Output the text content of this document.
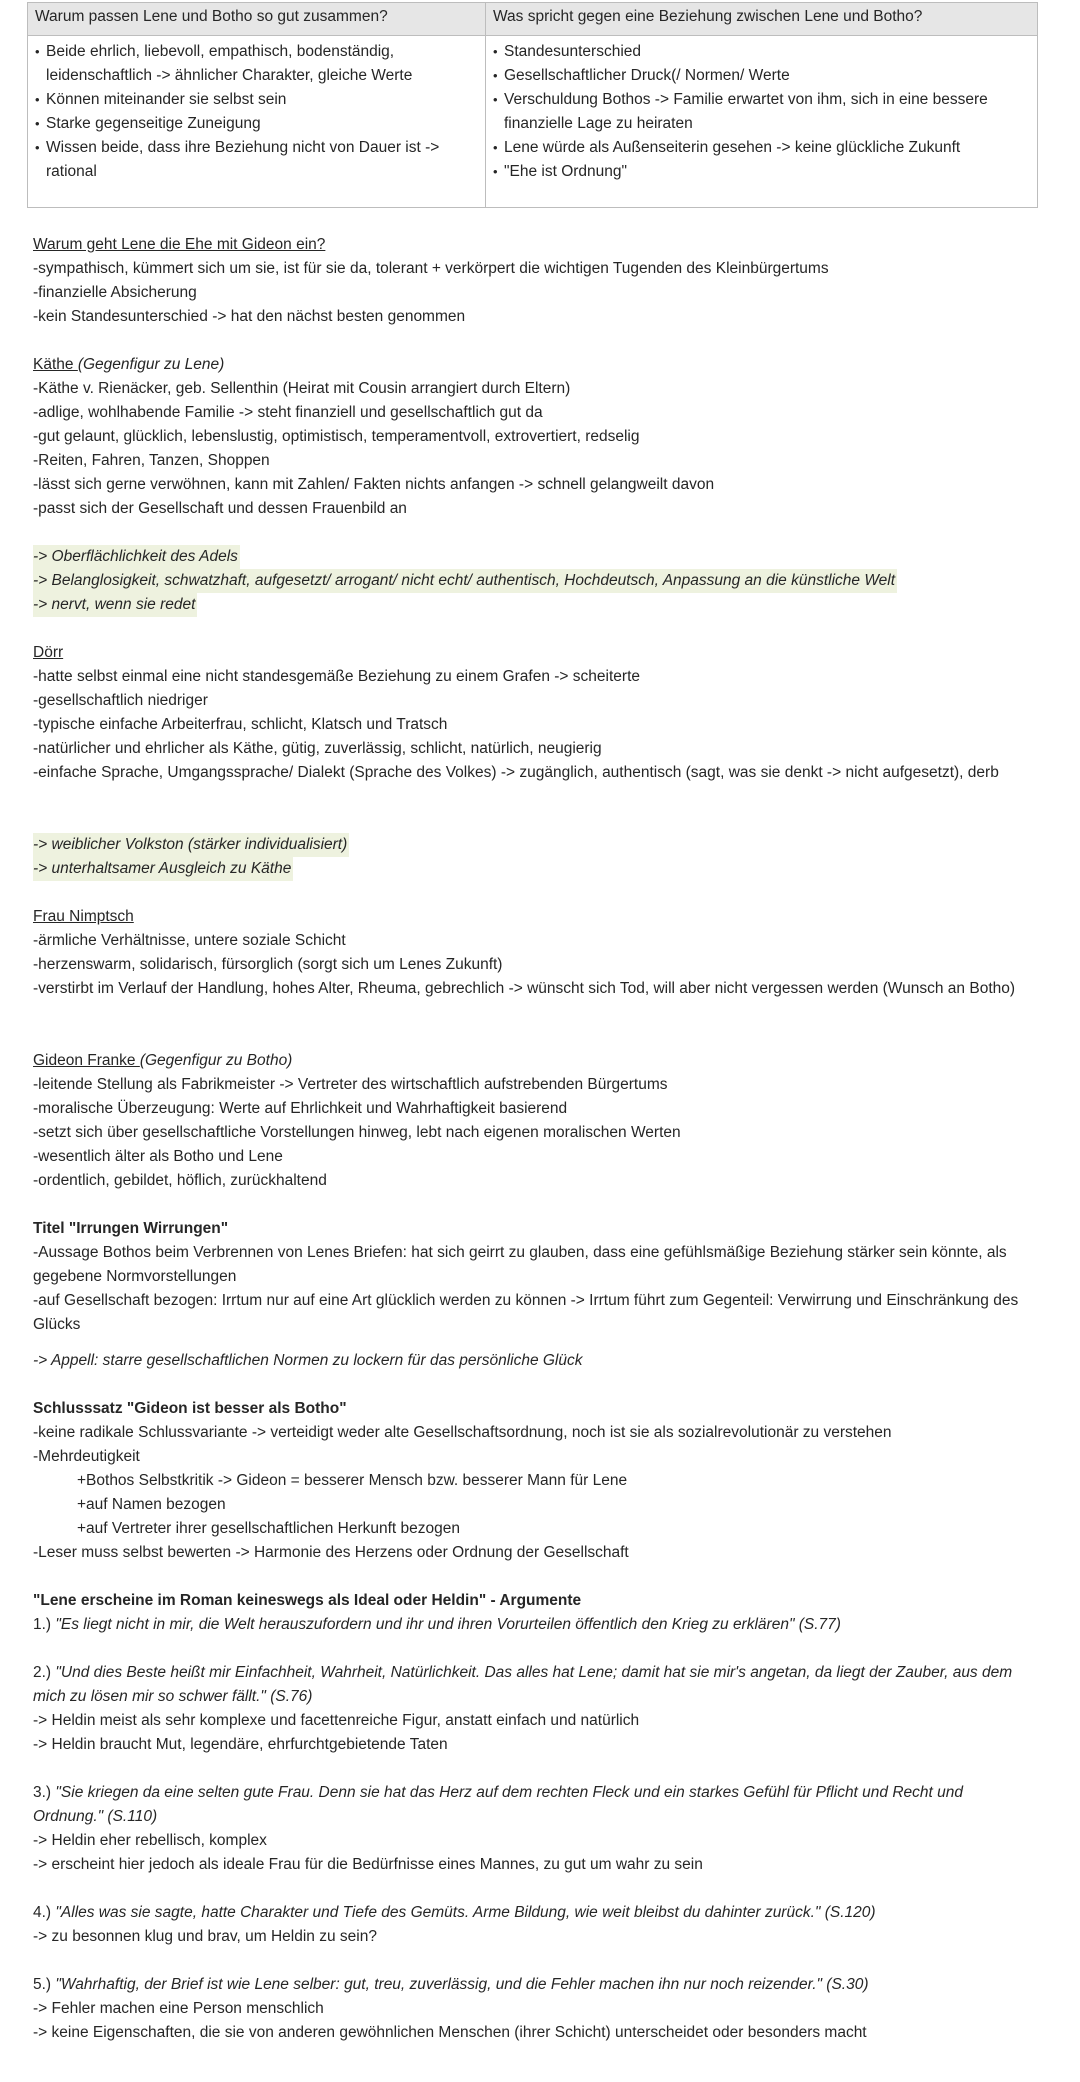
Warum passen Lene und Botho so gut zusammen?	Was spricht gegen eine Beziehung zwischen Lene und Botho?

• Beide ehrlich, liebevoll, empathisch, bodenständig, leidenschaftlich -> ähnlicher Charakter, gleiche Werte
• Können miteinander sie selbst sein
• Starke gegenseitige Zuneigung
• Wissen beide, dass ihre Beziehung nicht von Dauer ist -> rational

• Standesunterschied
• Gesellschaftlicher Druck(/ Normen/ Werte
• Verschuldung Bothos -> Familie erwartet von ihm, sich in eine bessere finanzielle Lage zu heiraten
• Lene würde als Außenseiterin gesehen -> keine glückliche Zukunft
• "Ehe ist Ordnung"
Warum geht Lene die Ehe mit Gideon ein?
-sympathisch, kümmert sich um sie, ist für sie da, tolerant + verkörpert die wichtigen Tugenden des Kleinbürgertums
-finanzielle Absicherung
-kein Standesunterschied -> hat den nächst besten genommen
Käthe (Gegenfigur zu Lene)
-Käthe v. Rienäcker, geb. Sellenthin (Heirat mit Cousin arrangiert durch Eltern)
-adlige, wohlhabende Familie -> steht finanziell und gesellschaftlich gut da
-gut gelaunt, glücklich, lebenslustig, optimistisch, temperamentvoll, extrovertiert, redselig
-Reiten, Fahren, Tanzen, Shoppen
-lässt sich gerne verwöhnen, kann mit Zahlen/ Fakten nichts anfangen -> schnell gelangweilt davon
-passt sich der Gesellschaft und dessen Frauenbild an
-> Oberflächlichkeit des Adels
-> Belanglosigkeit, schwatzhaft, aufgesetzt/ arrogant/ nicht echt/ authentisch, Hochdeutsch, Anpassung an die künstliche Welt
-> nervt, wenn sie redet
Dörr
-hatte selbst einmal eine nicht standesgemäße Beziehung zu einem Grafen -> scheiterte
-gesellschaftlich niedriger
-typische einfache Arbeiterfrau, schlicht, Klatsch und Tratsch
-natürlicher und ehrlicher als Käthe, gütig, zuverlässig, schlicht, natürlich, neugierig
-einfache Sprache, Umgangssprache/ Dialekt (Sprache des Volkes) -> zugänglich, authentisch (sagt, was sie denkt -> nicht aufgesetzt), derb
-> weiblicher Volkston (stärker individualisiert)
-> unterhaltsamer Ausgleich zu Käthe
Frau Nimptsch
-ärmliche Verhältnisse, untere soziale Schicht
-herzenswarm, solidarisch, fürsorglich (sorgt sich um Lenes Zukunft)
-verstirbt im Verlauf der Handlung, hohes Alter, Rheuma, gebrechlich -> wünscht sich Tod, will aber nicht vergessen werden (Wunsch an Botho)
Gideon Franke (Gegenfigur zu Botho)
-leitende Stellung als Fabrikmeister -> Vertreter des wirtschaftlich aufstrebenden Bürgertums
-moralische Überzeugung: Werte auf Ehrlichkeit und Wahrhaftigkeit basierend
-setzt sich über gesellschaftliche Vorstellungen hinweg, lebt nach eigenen moralischen Werten
-wesentlich älter als Botho und Lene
-ordentlich, gebildet, höflich, zurückhaltend
Titel "Irrungen Wirrungen"
-Aussage Bothos beim Verbrennen von Lenes Briefen: hat sich geirrt zu glauben, dass eine gefühlsmäßige Beziehung stärker sein könnte, als gegebene Normvorstellungen
-auf Gesellschaft bezogen: Irrtum nur auf eine Art glücklich werden zu können -> Irrtum führt zum Gegenteil: Verwirrung und Einschränkung des Glücks
-> Appell: starre gesellschaftlichen Normen zu lockern für das persönliche Glück
Schlusssatz "Gideon ist besser als Botho"
-keine radikale Schlussvariante -> verteidigt weder alte Gesellschaftsordnung, noch ist sie als sozialrevolutionär zu verstehen
-Mehrdeutigkeit
+Bothos Selbstkritik -> Gideon = besserer Mensch bzw. besserer Mann für Lene
+auf Namen bezogen
+auf Vertreter ihrer gesellschaftlichen Herkunft bezogen
-Leser muss selbst bewerten -> Harmonie des Herzens oder Ordnung der Gesellschaft
"Lene erscheine im Roman keineswegs als Ideal oder Heldin" - Argumente
1.) "Es liegt nicht in mir, die Welt herauszufordern und ihr und ihren Vorurteilen öffentlich den Krieg zu erklären" (S.77)
2.) "Und dies Beste heißt mir Einfachheit, Wahrheit, Natürlichkeit. Das alles hat Lene; damit hat sie mir's angetan, da liegt der Zauber, aus dem mich zu lösen mir so schwer fällt." (S.76)
-> Heldin meist als sehr komplexe und facettenreiche Figur, anstatt einfach und natürlich
-> Heldin braucht Mut, legendäre, ehrfurchtgebietende Taten
3.) "Sie kriegen da eine selten gute Frau. Denn sie hat das Herz auf dem rechten Fleck und ein starkes Gefühl für Pflicht und Recht und Ordnung." (S.110)
-> Heldin eher rebellisch, komplex
-> erscheint hier jedoch als ideale Frau für die Bedürfnisse eines Mannes, zu gut um wahr zu sein
4.) "Alles was sie sagte, hatte Charakter und Tiefe des Gemüts. Arme Bildung, wie weit bleibst du dahinter zurück." (S.120)
-> zu besonnen klug und brav, um Heldin zu sein?
5.) "Wahrhaftig, der Brief ist wie Lene selber: gut, treu, zuverlässig, und die Fehler machen ihn nur noch reizender." (S.30)
-> Fehler machen eine Person menschlich
-> keine Eigenschaften, die sie von anderen gewöhnlichen Menschen (ihrer Schicht) unterscheidet oder besonders macht
